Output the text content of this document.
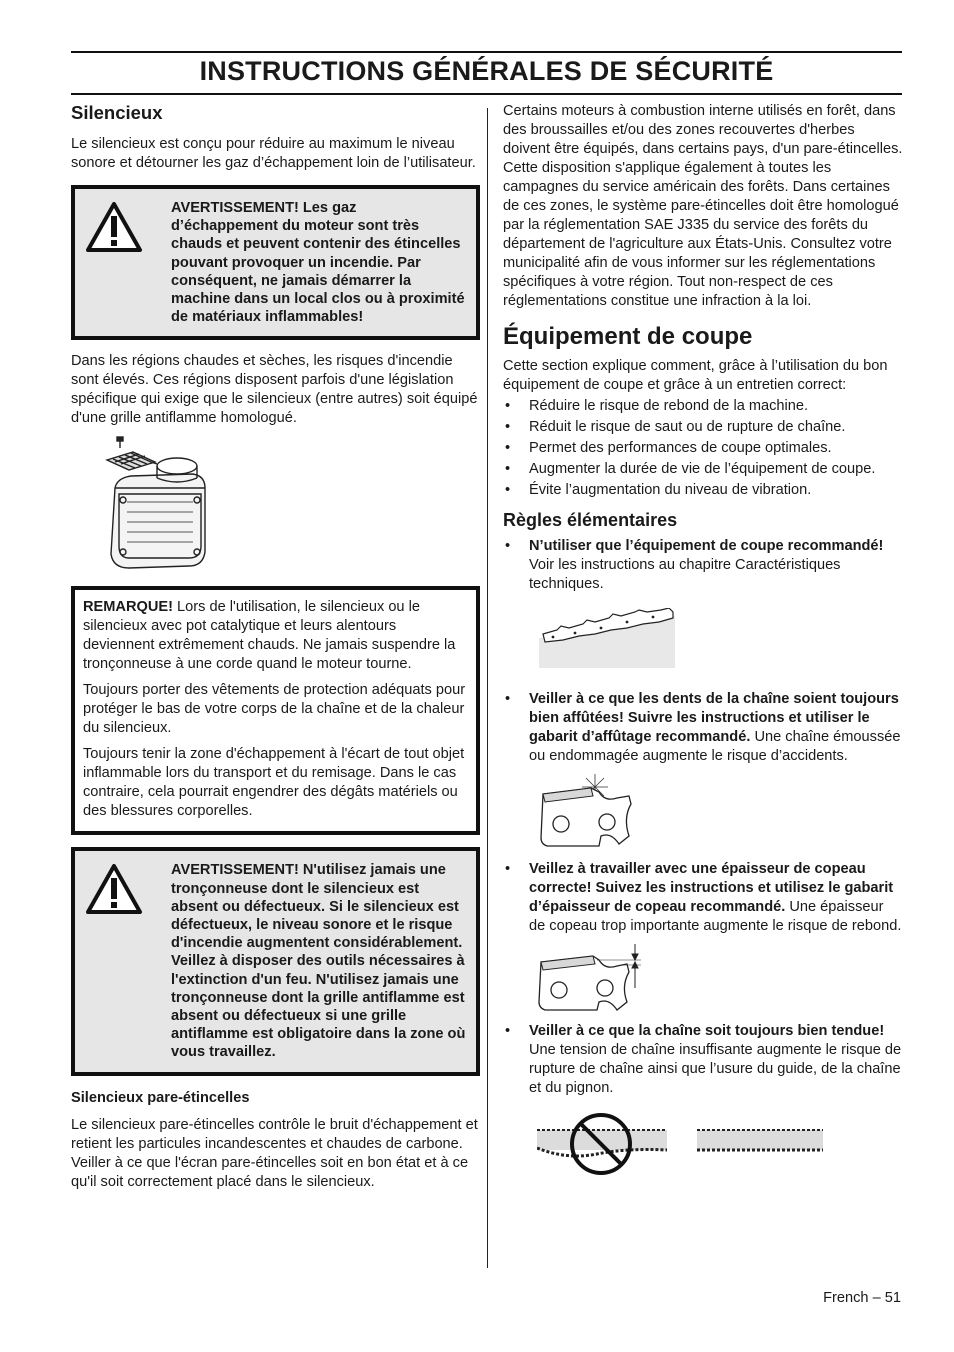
INSTRUCTIONS GÉNÉRALES DE SÉCURITÉ
Silencieux

Le silencieux est conçu pour réduire au maximum le niveau sonore et détourner les gaz d’échappement loin de l’utilisateur.

AVERTISSEMENT! Les gaz d’échappement du moteur sont très chauds et peuvent contenir des étincelles pouvant provoquer un incendie. Par conséquent, ne jamais démarrer la machine dans un local clos ou à proximité de matériaux inflammables!

Dans les régions chaudes et sèches, les risques d'incendie sont élevés. Ces régions disposent parfois d'une législation spécifique qui exige que le silencieux (entre autres) soit équipé d'une grille antiflamme homologué.

REMARQUE! Lors de l'utilisation, le silencieux ou le silencieux avec pot catalytique et leurs alentours deviennent extrêmement chauds. Ne jamais suspendre la tronçonneuse à une corde quand le moteur tourne.

Toujours porter des vêtements de protection adéquats pour protéger le bas de votre corps de la chaîne et de la chaleur du silencieux.

Toujours tenir la zone d'échappement à l'écart de tout objet inflammable lors du transport et du remisage. Dans le cas contraire, cela pourrait engendrer des dégâts matériels ou des blessures corporelles.

AVERTISSEMENT! N'utilisez jamais une tronçonneuse dont le silencieux est absent ou défectueux. Si le silencieux est défectueux, le niveau sonore et le risque d'incendie augmentent considérablement. Veillez à disposer des outils nécessaires à l'extinction d'un feu. N'utilisez jamais une tronçonneuse dont la grille antiflamme est absent ou défectueux si une grille antiflamme est obligatoire dans la zone où vous travaillez.
Silencieux pare-étincelles

Le silencieux pare-étincelles contrôle le bruit d'échappement et retient les particules incandescentes et chaudes de carbone. Veiller à ce que l'écran pare-étincelles soit en bon état et à ce qu'il soit correctement placé dans le silencieux.

Certains moteurs à combustion interne utilisés en forêt, dans des broussailles et/ou des zones recouvertes d'herbes doivent être équipés, dans certains pays, d'un pare-étincelles. Cette disposition s'applique également à toutes les campagnes du service américain des forêts. Dans certaines de ces zones, le système pare-étincelles doit être homologué par la réglementation SAE J335 du service des forêts du département de l'agriculture aux États-Unis. Consultez votre municipalité afin de vous informer sur les réglementations spécifiques à votre région. Tout non-respect de ces réglementations constitue une infraction à la loi.

Équipement de coupe

Cette section explique comment, grâce à l’utilisation du bon équipement de coupe et grâce à un entretien correct:

• Réduire le risque de rebond de la machine.
• Réduit le risque de saut ou de rupture de chaîne.
• Permet des performances de coupe optimales.
• Augmenter la durée de vie de l’équipement de coupe.
• Évite l’augmentation du niveau de vibration.
Règles élémentaires
• N’utiliser que l’équipement de coupe recommandé! Voir les instructions au chapitre Caractéristiques techniques.
• Veiller à ce que les dents de la chaîne soient toujours bien affûtées! Suivre les instructions et utiliser le gabarit d’affûtage recommandé. Une chaîne émoussée ou endommagée augmente le risque d’accidents.
• Veillez à travailler avec une épaisseur de copeau correcte! Suivez les instructions et utilisez le gabarit d’épaisseur de copeau recommandé. Une épaisseur de copeau trop importante augmente le risque de rebond.
• Veiller à ce que la chaîne soit toujours bien tendue! Une tension de chaîne insuffisante augmente le risque de rupture de chaîne ainsi que l’usure du guide, de la chaîne et du pignon.
French – 51
